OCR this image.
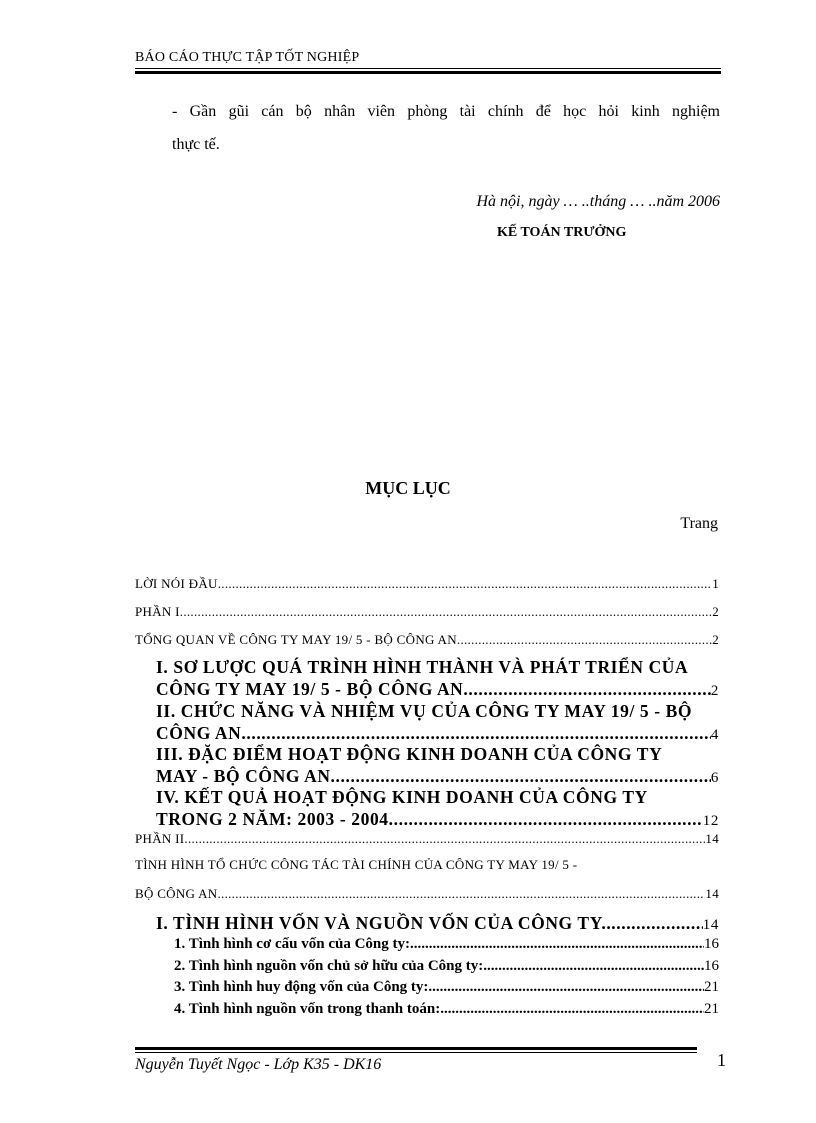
BÁO CÁO THỰC TẬP TỐT NGHIỆP
- Gần gũi cán bộ nhân viên phòng tài chính để học hỏi kinh nghiệm
thực tế.
Hà nội, ngày … ..tháng … ..năm 2006
KẾ TOÁN TRƯỞNG
MỤC LỤC
Trang
LỜI NÓI ĐẦU .....	1
PHẦN I .....	2
TỔNG QUAN VỀ CÔNG TY MAY 19/ 5 - BỘ CÔNG AN .....	2
I. SƠ LƯỢC QUÁ TRÌNH HÌNH THÀNH VÀ PHÁT TRIỂN CỦA
CÔNG TY MAY 19/ 5 - BỘ CÔNG AN. .....	2
II. CHỨC NĂNG VÀ NHIỆM VỤ CỦA CÔNG TY MAY 19/ 5 - BỘ
CÔNG AN. .....	4
III. ĐẶC ĐIỂM HOẠT ĐỘNG KINH DOANH CỦA CÔNG TY
MAY - BỘ CÔNG AN. .....	6
IV. KẾT QUẢ HOẠT ĐỘNG KINH DOANH CỦA CÔNG TY
TRONG 2 NĂM: 2003 - 2004. .....	12
PHẦN II .....	14
TÌNH HÌNH TỔ CHỨC CÔNG TÁC TÀI CHÍNH CỦA CÔNG TY MAY 19/ 5 -
BỘ CÔNG AN .....	14
I. TÌNH HÌNH VỐN VÀ NGUỒN VỐN CỦA CÔNG TY. .....	14
1. Tình hình cơ cấu vốn của Công ty: .....	16
2. Tình hình nguồn vốn chủ sở hữu của Công ty: .....	16
3. Tình hình huy động vốn của Công ty: .....	21
4. Tình hình nguồn vốn trong thanh toán: .....	21
Nguyễn Tuyết Ngọc - Lớp K35 - DK16	1
